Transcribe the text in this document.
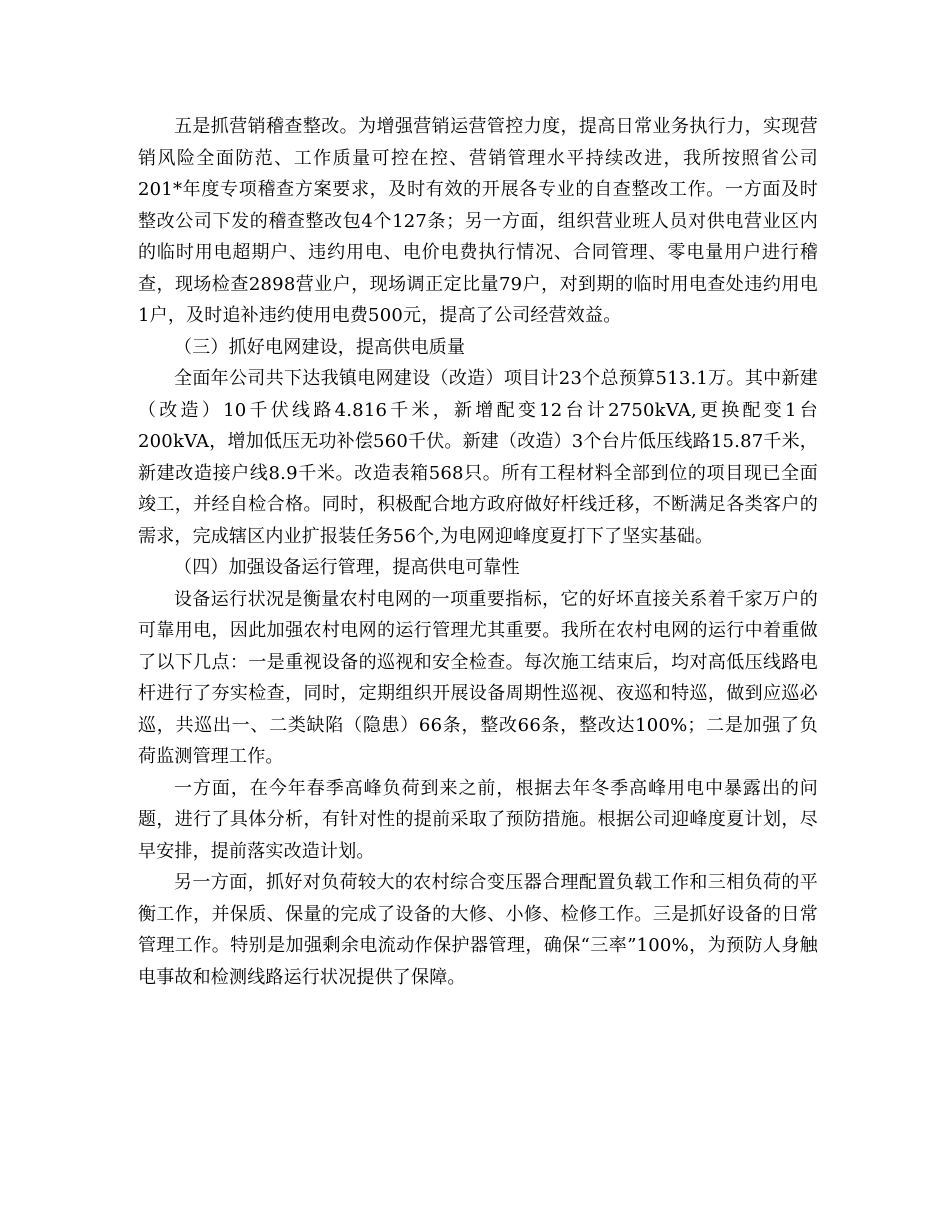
五是抓营销稽查整改。为增强营销运营管控力度，提高日常业务执行力，实现营销风险全面防范、工作质量可控在控、营销管理水平持续改进，我所按照省公司201*年度专项稽查方案要求，及时有效的开展各专业的自查整改工作。一方面及时整改公司下发的稽查整改包4个127条；另一方面，组织营业班人员对供电营业区内的临时用电超期户、违约用电、电价电费执行情况、合同管理、零电量用户进行稽查，现场检查2898营业户，现场调正定比量79户，对到期的临时用电查处违约用电1户，及时追补违约使用电费500元，提高了公司经营效益。

（三）抓好电网建设，提高供电质量

全面年公司共下达我镇电网建设（改造）项目计23个总预算513.1万。其中新建（改造）10千伏线路4.816千米，新增配变12台计2750kVA,更换配变1台200kVA，增加低压无功补偿560千伏。新建（改造）3个台片低压线路15.87千米，新建改造接户线8.9千米。改造表箱568只。所有工程材料全部到位的项目现已全面竣工，并经自检合格。同时，积极配合地方政府做好杆线迁移，不断满足各类客户的需求，完成辖区内业扩报装任务56个,为电网迎峰度夏打下了坚实基础。

（四）加强设备运行管理，提高供电可靠性

设备运行状况是衡量农村电网的一项重要指标，它的好坏直接关系着千家万户的可靠用电，因此加强农村电网的运行管理尤其重要。我所在农村电网的运行中着重做了以下几点：一是重视设备的巡视和安全检查。每次施工结束后，均对高低压线路电杆进行了夯实检查，同时，定期组织开展设备周期性巡视、夜巡和特巡，做到应巡必巡，共巡出一、二类缺陷（隐患）66条，整改66条，整改达100%；二是加强了负荷监测管理工作。

一方面，在今年春季高峰负荷到来之前，根据去年冬季高峰用电中暴露出的问题，进行了具体分析，有针对性的提前采取了预防措施。根据公司迎峰度夏计划，尽早安排，提前落实改造计划。

另一方面，抓好对负荷较大的农村综合变压器合理配置负载工作和三相负荷的平衡工作，并保质、保量的完成了设备的大修、小修、检修工作。三是抓好设备的日常管理工作。特别是加强剩余电流动作保护器管理，确保“三率”100%，为预防人身触电事故和检测线路运行状况提供了保障。
